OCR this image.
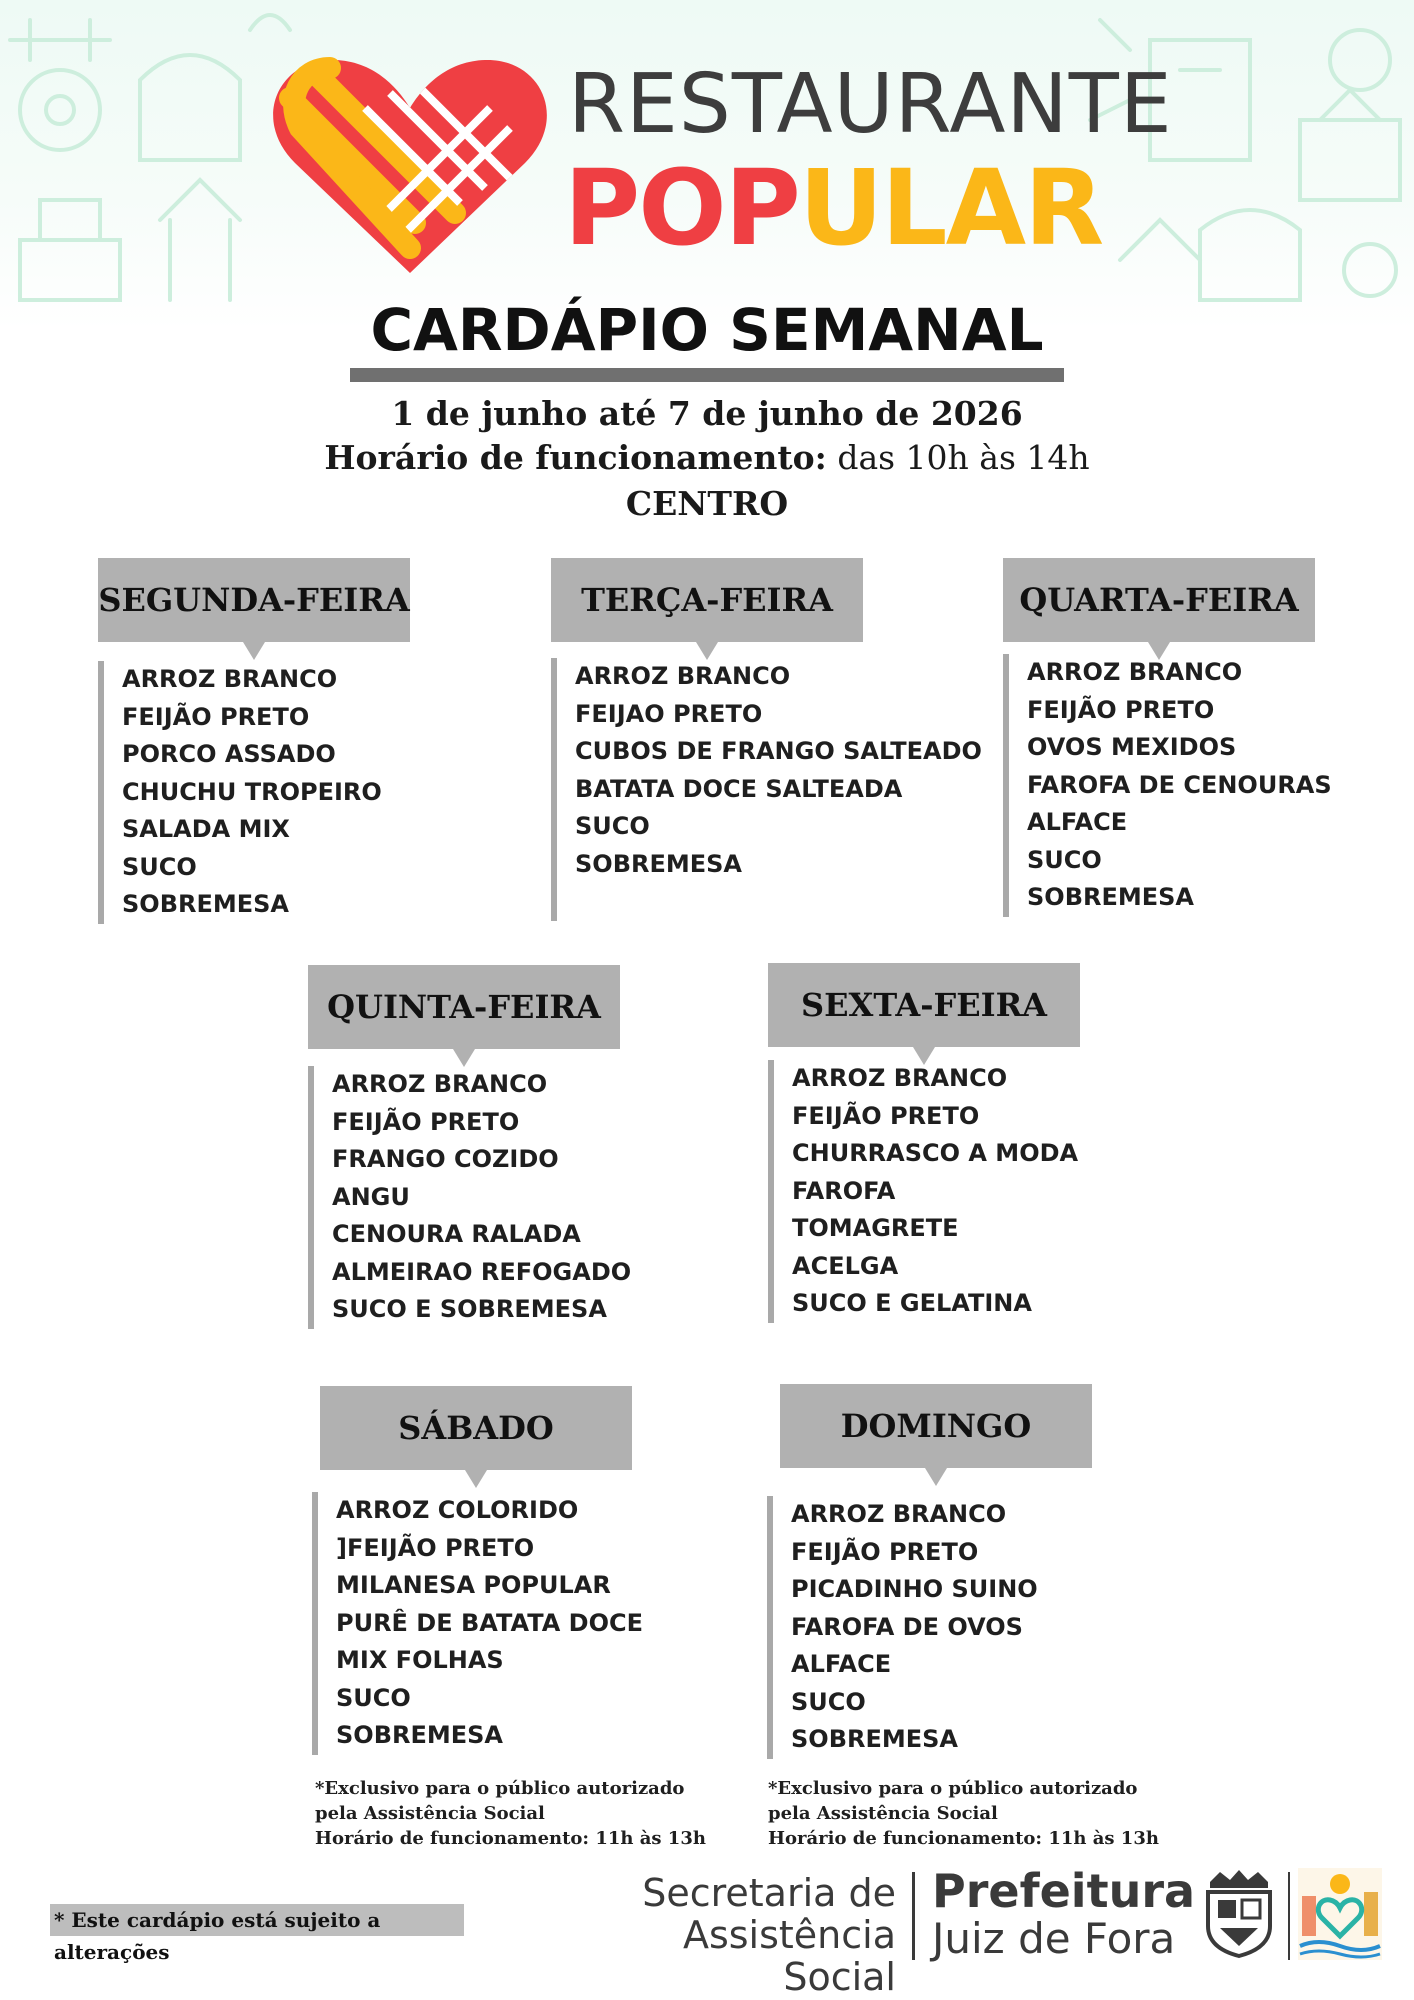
RESTAURANTE
POPULAR
CARDÁPIO SEMANAL
1 de junho até 7 de junho de 2026
Horário de funcionamento: das 10h às 14h
CENTRO
SEGUNDA-FEIRA
ARROZ BRANCO
FEIJÃO PRETO
PORCO ASSADO
CHUCHU TROPEIRO
SALADA MIX
SUCO
SOBREMESA
TERÇA-FEIRA
ARROZ BRANCO
FEIJAO PRETO
CUBOS DE FRANGO SALTEADO
BATATA DOCE SALTEADA
SUCO
SOBREMESA
QUARTA-FEIRA
ARROZ BRANCO
FEIJÃO PRETO
OVOS MEXIDOS
FAROFA DE CENOURAS
ALFACE
SUCO
SOBREMESA
QUINTA-FEIRA
ARROZ BRANCO
FEIJÃO PRETO
FRANGO COZIDO
ANGU
CENOURA RALADA
ALMEIRAO REFOGADO
SUCO E SOBREMESA
SEXTA-FEIRA
ARROZ BRANCO
FEIJÃO PRETO
CHURRASCO A MODA
FAROFA
TOMAGRETE
ACELGA
SUCO E GELATINA
SÁBADO
ARROZ COLORIDO
]FEIJÃO PRETO
MILANESA POPULAR
PURÊ DE BATATA DOCE
MIX FOLHAS
SUCO
SOBREMESA
DOMINGO
ARROZ BRANCO
FEIJÃO PRETO
PICADINHO SUINO
FAROFA DE OVOS
ALFACE
SUCO
SOBREMESA
*Exclusivo para o público autorizado
pela Assistência Social
Horário de funcionamento: 11h às 13h
*Exclusivo para o público autorizado
pela Assistência Social
Horário de funcionamento: 11h às 13h
* Este cardápio está sujeito a alterações
Secretaria de
Assistência Social
Prefeitura
Juiz de Fora
